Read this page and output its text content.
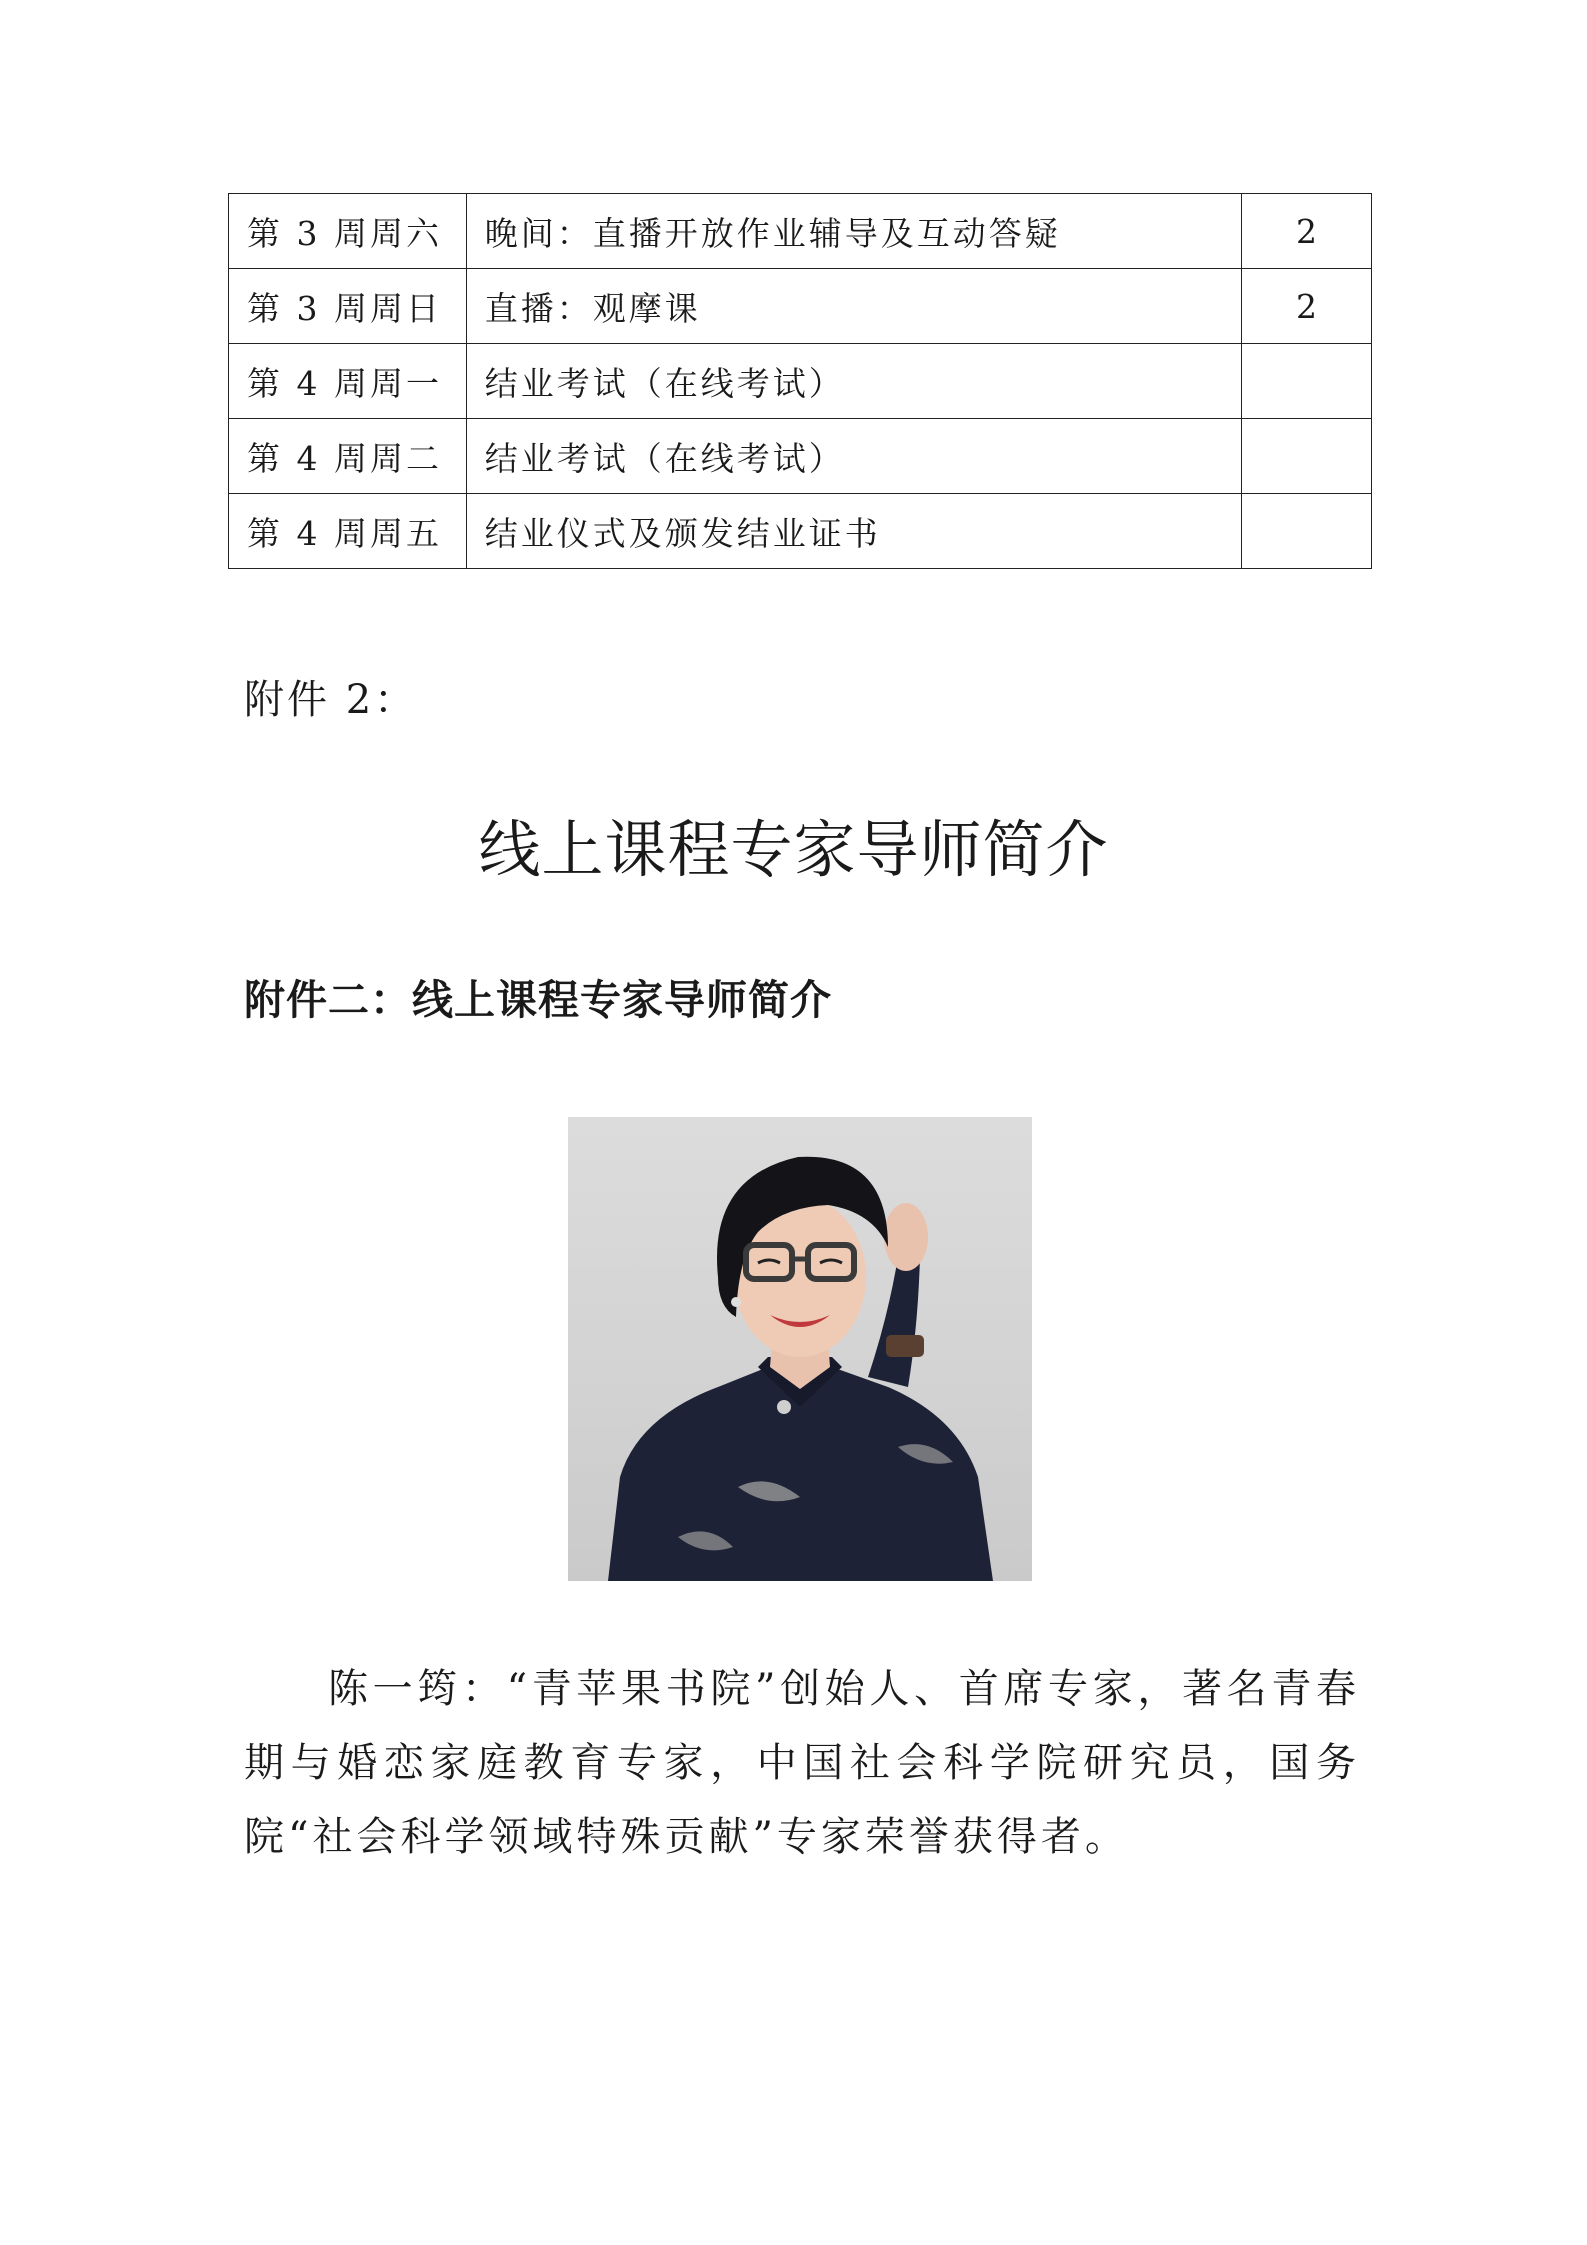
第 3 周周六	晚间：直播开放作业辅导及互动答疑	2
第 3 周周日	直播：观摩课	2
第 4 周周一	结业考试（在线考试）	
第 4 周周二	结业考试（在线考试）	
第 4 周周五	结业仪式及颁发结业证书	
附件 2：
线上课程专家导师简介
附件二：线上课程专家导师简介

陈一筠：“青苹果书院”创始人、首席专家，著名青春期与婚恋家庭教育专家，中国社会科学院研究员，国务院“社会科学领域特殊贡献”专家荣誉获得者。
